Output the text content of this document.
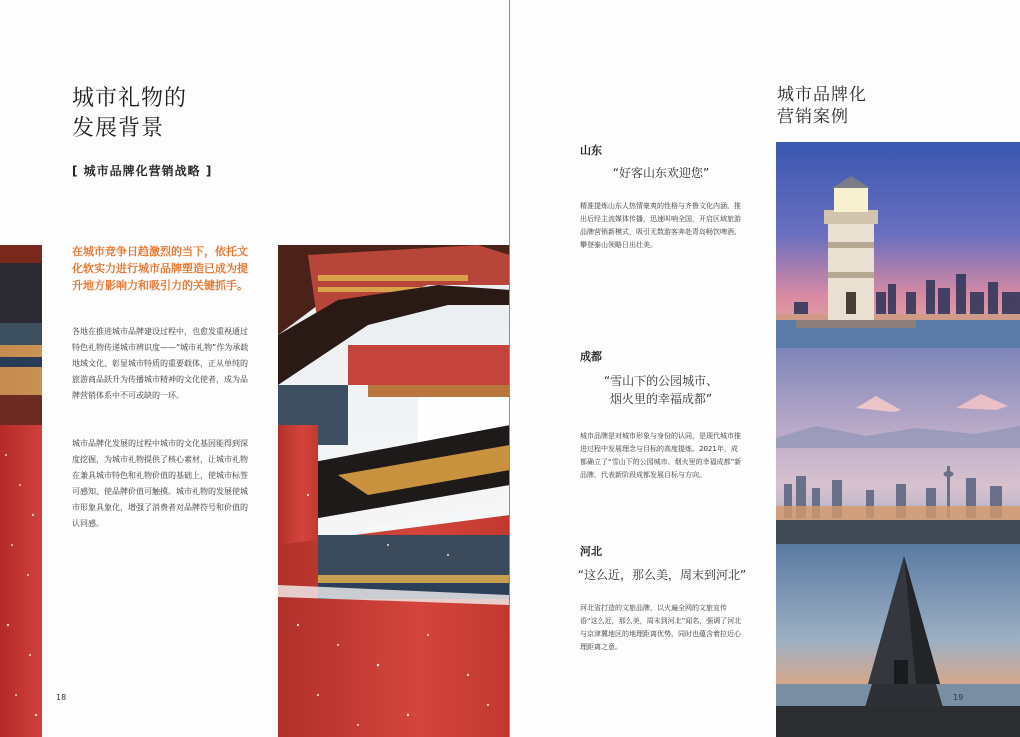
城市礼物的
发展背景
[ 城市品牌化营销战略 ]
在城市竞争日趋激烈的当下，依托文化软实力进行城市品牌塑造已成为提升地方影响力和吸引力的关键抓手。
各地在推进城市品牌建设过程中，也愈发重视通过特色礼物传递城市辨识度——“城市礼物”作为承载地域文化、彰显城市特质的重要载体，正从单纯的旅游商品跃升为传播城市精神的文化使者，成为品牌营销体系中不可或缺的一环。
城市品牌化发展的过程中城市的文化基因能得到深度挖掘，为城市礼物提供了核心素材，让城市礼物在兼具城市特色和礼物价值的基础上，使城市标签可感知、使品牌价值可触摸。城市礼物的发展使城市形象具象化，增强了消费者对品牌符号和价值的认同感。
18
城市品牌化
营销案例
山东
“好客山东欢迎您”
精准提炼山东人热情豪爽的性格与齐鲁文化内涵，推出后经主流媒体传播，迅速叫响全国，开启区域旅游品牌营销新模式，吸引无数游客奔赴青岛畅饮啤酒、攀登泰山领略日出壮美。
成都
“雪山下的公园城市、
烟火里的幸福成都”
城市品牌是对城市形象与身份的认同，是现代城市推进过程中发展理念与目标的高度提炼。2021年，成都确立了“雪山下的公园城市、烟火里的幸福成都”新品牌，代表新阶段成都发展目标与方向。
河北
“这么近，那么美，周末到河北”
河北省打造的文旅品牌，以火遍全网的文旅宣传语“这么近，那么美，周末到河北”闻名，强调了河北与京津冀地区的地理距离优势，同时也蕴含着拉近心理距离之意。
19
